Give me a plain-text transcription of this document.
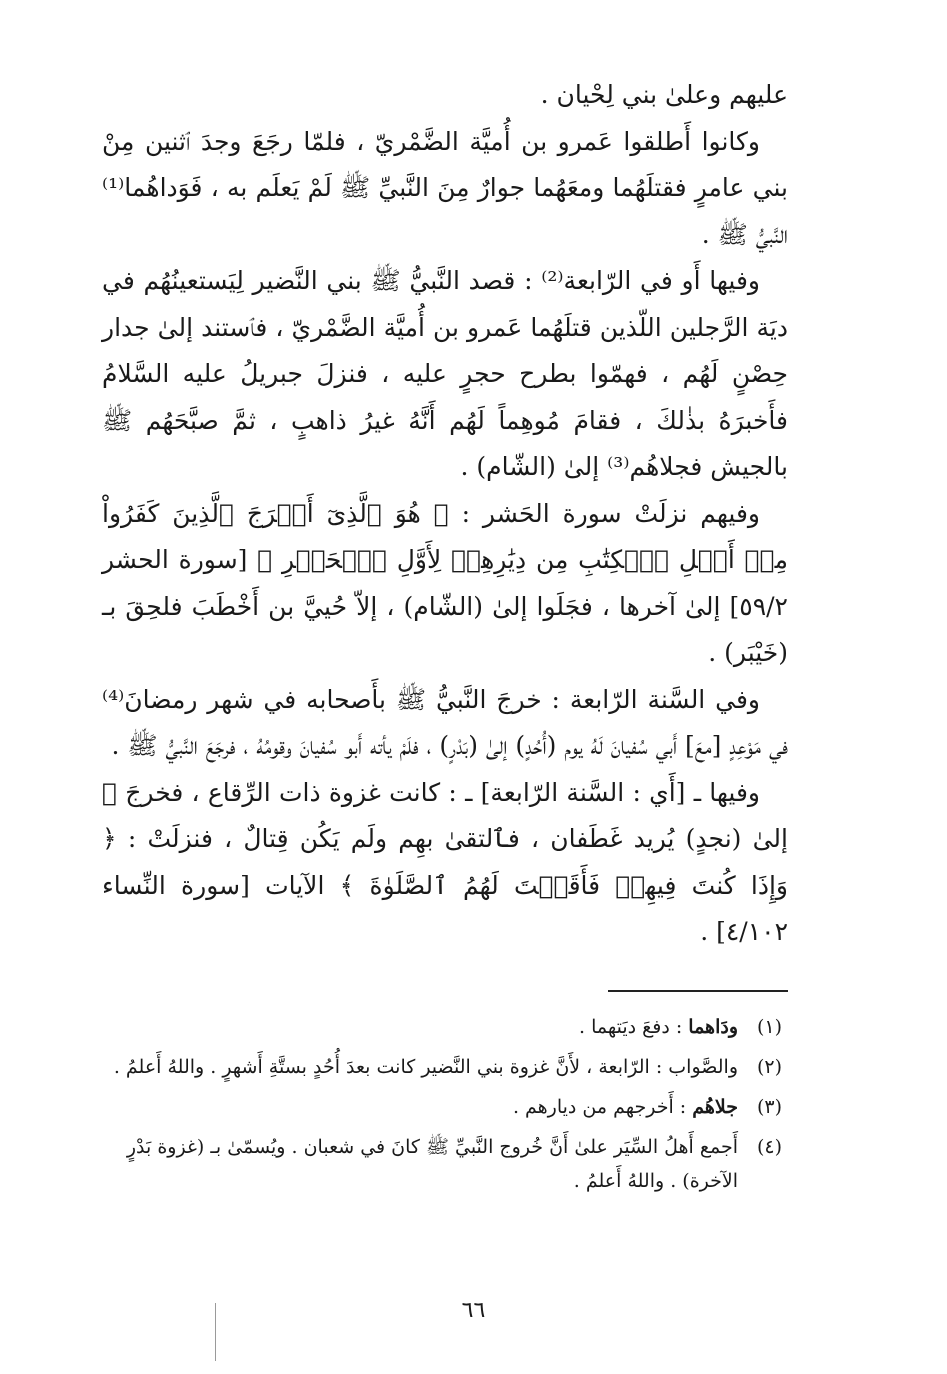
عليهم وعلىٰ بني لِحْيان .

وكانوا أَطلقوا عَمرو بن أُميَّة الضَّمْريّ ، فلمّا رجَعَ وجدَ ٱثنين مِنْ بني عامرٍ فقتلَهُما ومعَهُما جوارٌ مِنَ النَّبيِّ ﷺ لَمْ يَعلَم به ، فَوَداهُما⁽¹⁾ النَّبيُّ ﷺ .

وفيها أَو في الرّابعة⁽²⁾ : قصد النَّبيُّ ﷺ بني النَّضير لِيَستعينُهُم في ديَة الرَّجلين اللّذين قتلَهُما عَمرو بن أُميَّة الضَّمْريّ ، فٱستند إلىٰ جدار حِصْنٍ لَهُم ، فهمّوا بطرح حجرٍ عليه ، فنزلَ جبريلُ عليه السَّلامُ فأَخبرَهُ بذٰلكَ ، فقامَ مُوهِماً لَهُم أَنَّهُ غيرُ ذاهبٍ ، ثمَّ صبَّحَهُم ﷺ بالجيش فجلاهُم⁽³⁾ إلىٰ (الشّام) .

وفيهم نزلَتْ سورة الحَشر : ﴿ هُوَ ٱلَّذِىٓ أَخۡرَجَ ٱلَّذِينَ كَفَرُواْ مِنۡ أَهۡلِ ٱلۡكِتَٰبِ مِن دِيَٰرِهِمۡ لِأَوَّلِ ٱلۡحَشۡرِ ﴾ [سورة الحشر ٥٩/٢] إلىٰ آخرها ، فجَلَوا إلىٰ (الشّام) ، إلاّ حُييَّ بن أَخْطَبَ فلحِقَ بـ (خَيْبَر) .

وفي السَّنة الرّابعة : خرجَ النَّبيُّ ﷺ بأَصحابه في شهر رمضانَ⁽⁴⁾ في مَوْعِدٍ [معَ] أَبي سُفيانَ لَهُ يوم (أُحُدٍ) إلىٰ (بَدْرٍ) ، فلَمْ يأته أَبو سُفيانَ وقومُهُ ، فرجَعَ النَّبيُّ ﷺ .

وفيها ـ [أَي : السَّنة الرّابعة] ـ : كانت غزوة ذات الرِّقاع ، فخرجَ ﷺ إلىٰ (نجدٍ) يُريد غَطَفان ، فٱلتقىٰ بهِم ولَم يَكُن قِتالٌ ، فنزلَتْ : ﴿ وَإِذَا كُنتَ فِيهِمۡ فَأَقَمۡتَ لَهُمُ ٱلصَّلَوٰةَ ﴾ الآيات [سورة النِّساء ٤/١٠٢] .

(١)
ودَاهما : دفعَ ديَتهما .
(٢)
والصَّواب : الرّابعة ، لأَنَّ غزوة بني النَّضير كانت بعدَ أُحُدٍ بستَّةِ أَشهرٍ . واللهُ أَعلمُ .
(٣)
جلاهُم : أَخرجهم من ديارهم .
(٤)
أَجمع أَهلُ السِّيَر علىٰ أَنَّ خُروج النَّبيِّ ﷺ كانَ في شعبان . ويُسمّىٰ بـ (غزوة بَدْرٍ الآخرة) . واللهُ أَعلمُ .
٦٦
